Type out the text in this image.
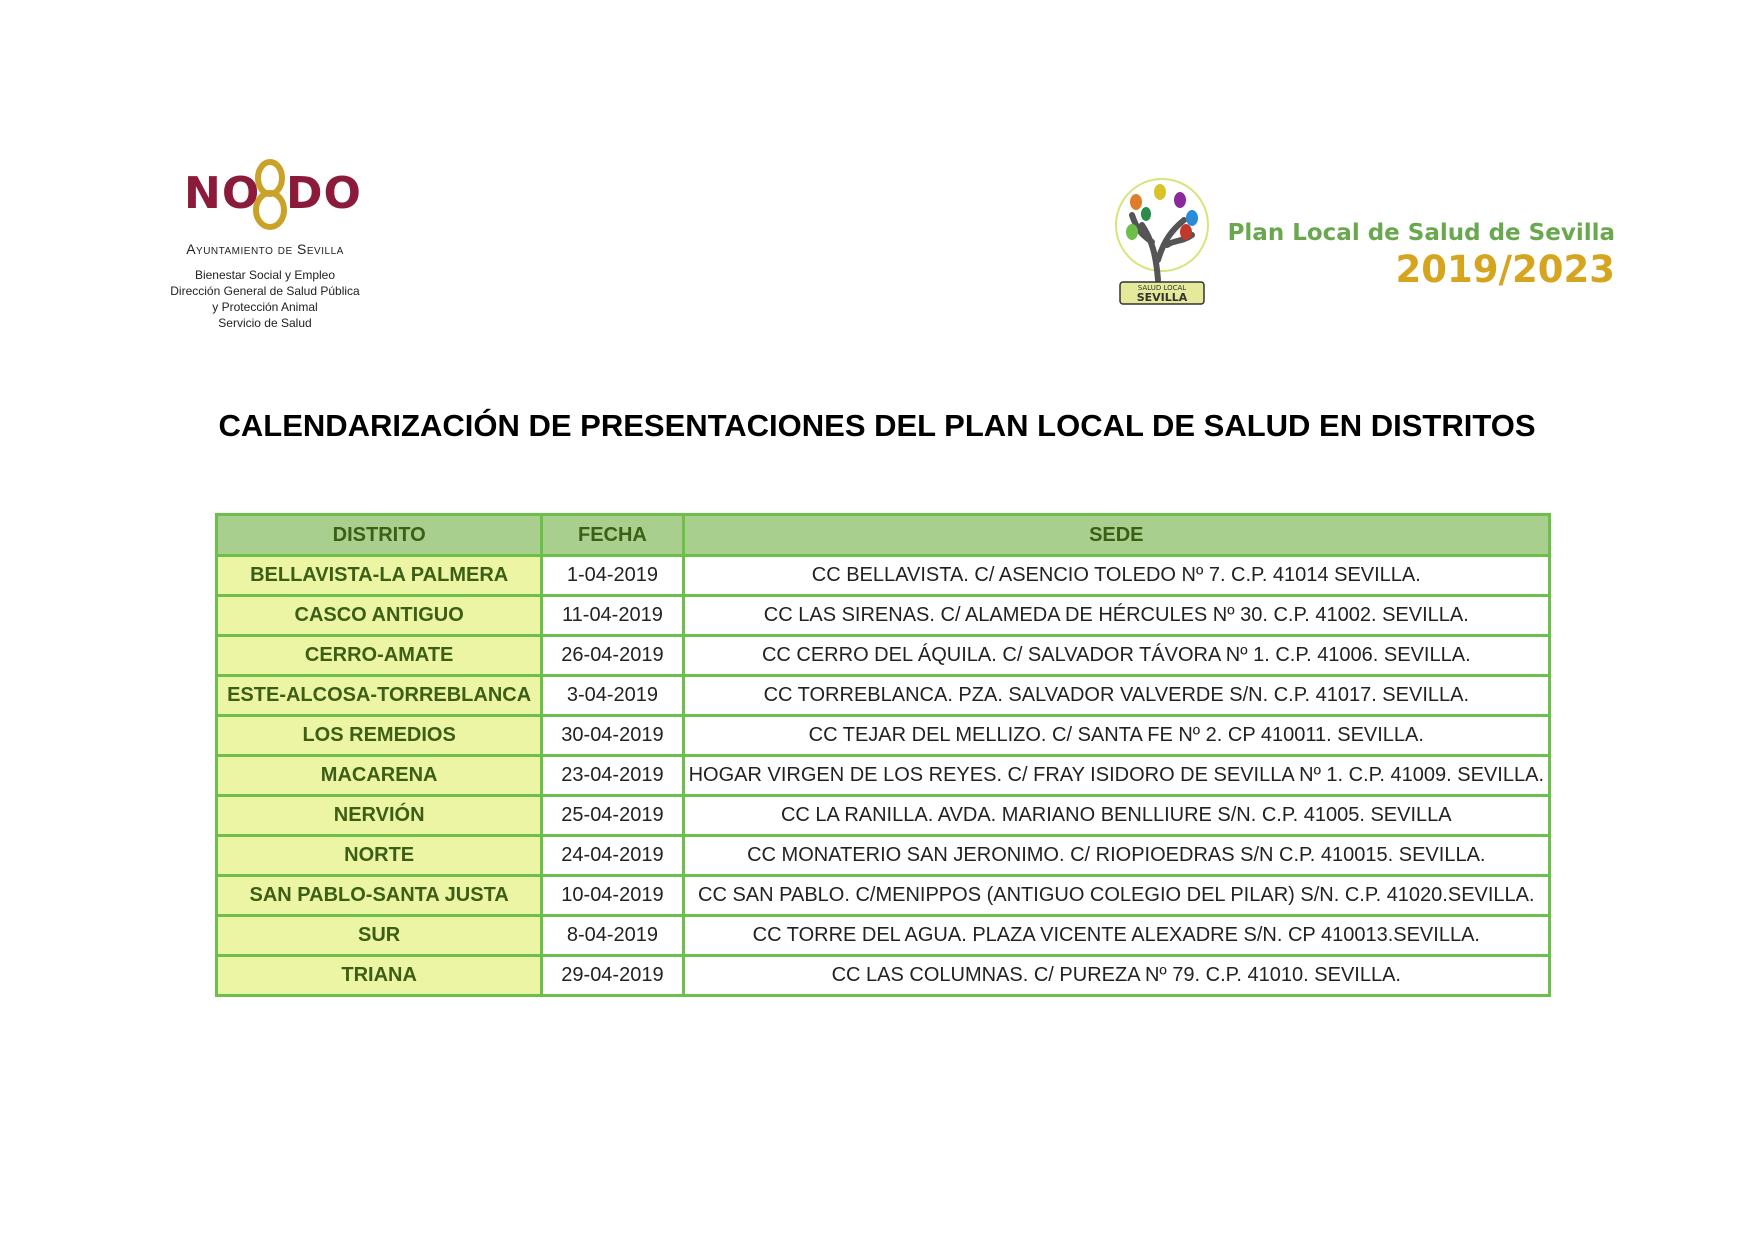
NO DO
Ayuntamiento de Sevilla
Bienestar Social y Empleo
Dirección General de Salud Pública
y Protección Animal
Servicio de Salud
SALUD LOCAL
SEVILLA
Plan Local de Salud de Sevilla
2019/2023
CALENDARIZACIÓN DE PRESENTACIONES DEL PLAN LOCAL DE SALUD EN DISTRITOS
DISTRITO	FECHA	SEDE
BELLAVISTA-LA PALMERA	1-04-2019	CC BELLAVISTA. C/ ASENCIO TOLEDO Nº 7. C.P. 41014 SEVILLA.
CASCO ANTIGUO	11-04-2019	CC LAS SIRENAS. C/ ALAMEDA DE HÉRCULES Nº 30. C.P. 41002. SEVILLA.
CERRO-AMATE	26-04-2019	CC CERRO DEL ÁQUILA. C/ SALVADOR TÁVORA Nº 1. C.P. 41006. SEVILLA.
ESTE-ALCOSA-TORREBLANCA	3-04-2019	CC TORREBLANCA. PZA. SALVADOR VALVERDE S/N. C.P. 41017. SEVILLA.
LOS REMEDIOS	30-04-2019	CC TEJAR DEL MELLIZO. C/ SANTA FE Nº 2. CP 410011. SEVILLA.
MACARENA	23-04-2019	HOGAR VIRGEN DE LOS REYES. C/ FRAY ISIDORO DE SEVILLA Nº 1. C.P. 41009. SEVILLA.
NERVIÓN	25-04-2019	CC LA RANILLA. AVDA. MARIANO BENLLIURE S/N. C.P. 41005. SEVILLA
NORTE	24-04-2019	CC MONATERIO SAN JERONIMO. C/ RIOPIOEDRAS S/N C.P. 410015. SEVILLA.
SAN PABLO-SANTA JUSTA	10-04-2019	CC SAN PABLO. C/MENIPPOS (ANTIGUO COLEGIO DEL PILAR) S/N. C.P. 41020.SEVILLA.
SUR	8-04-2019	CC TORRE DEL AGUA. PLAZA VICENTE ALEXADRE S/N. CP 410013.SEVILLA.
TRIANA	29-04-2019	CC LAS COLUMNAS. C/ PUREZA Nº 79. C.P. 41010. SEVILLA.
